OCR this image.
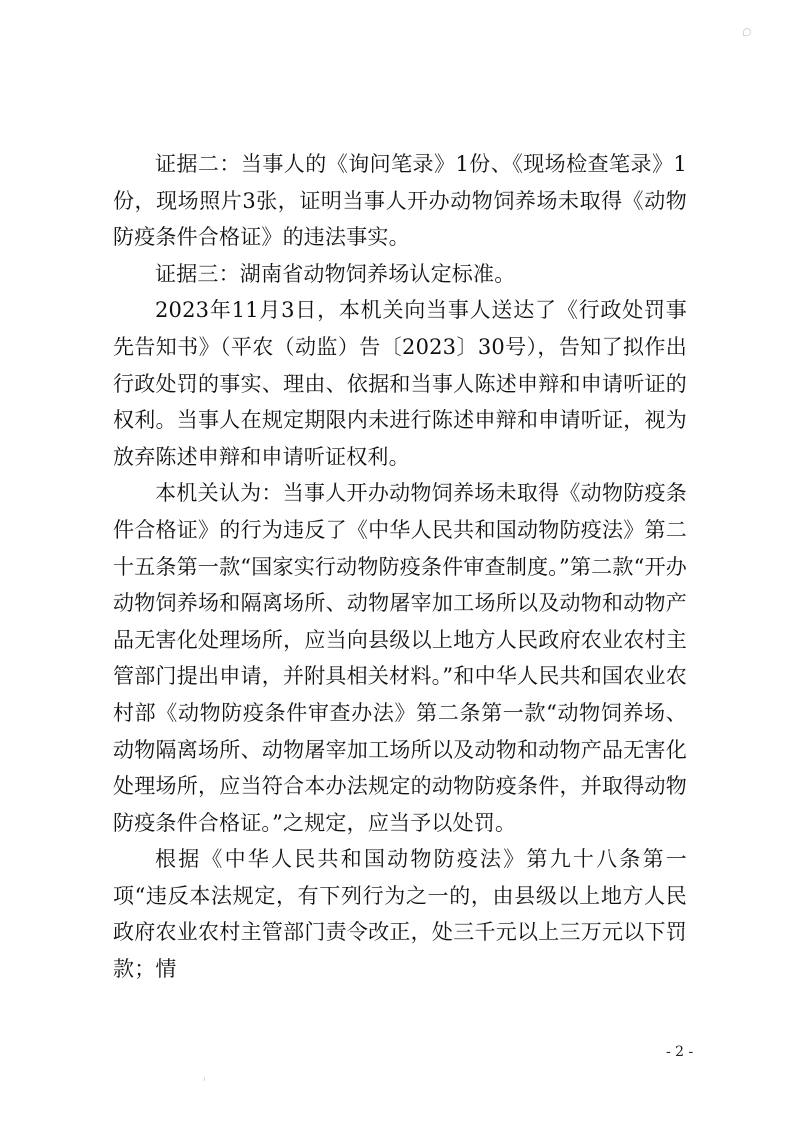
证据二：当事人的《询问笔录》1份、《现场检查笔录》1份，现场照片3张，证明当事人开办动物饲养场未取得《动物防疫条件合格证》的违法事实。

证据三：湖南省动物饲养场认定标准。

2023年11月3日，本机关向当事人送达了《行政处罚事先告知书》（平农（动监）告〔2023〕30号），告知了拟作出行政处罚的事实、理由、依据和当事人陈述申辩和申请听证的权利。当事人在规定期限内未进行陈述申辩和申请听证，视为放弃陈述申辩和申请听证权利。

本机关认为：当事人开办动物饲养场未取得《动物防疫条件合格证》的行为违反了《中华人民共和国动物防疫法》第二十五条第一款“国家实行动物防疫条件审查制度。”第二款“开办动物饲养场和隔离场所、动物屠宰加工场所以及动物和动物产品无害化处理场所，应当向县级以上地方人民政府农业农村主管部门提出申请，并附具相关材料。”和中华人民共和国农业农村部《动物防疫条件审查办法》第二条第一款“动物饲养场、动物隔离场所、动物屠宰加工场所以及动物和动物产品无害化处理场所，应当符合本办法规定的动物防疫条件，并取得动物防疫条件合格证。”之规定，应当予以处罚。

根据《中华人民共和国动物防疫法》第九十八条第一项“违反本法规定，有下列行为之一的，由县级以上地方人民政府农业农村主管部门责令改正，处三千元以上三万元以下罚款；情

- 2 -
